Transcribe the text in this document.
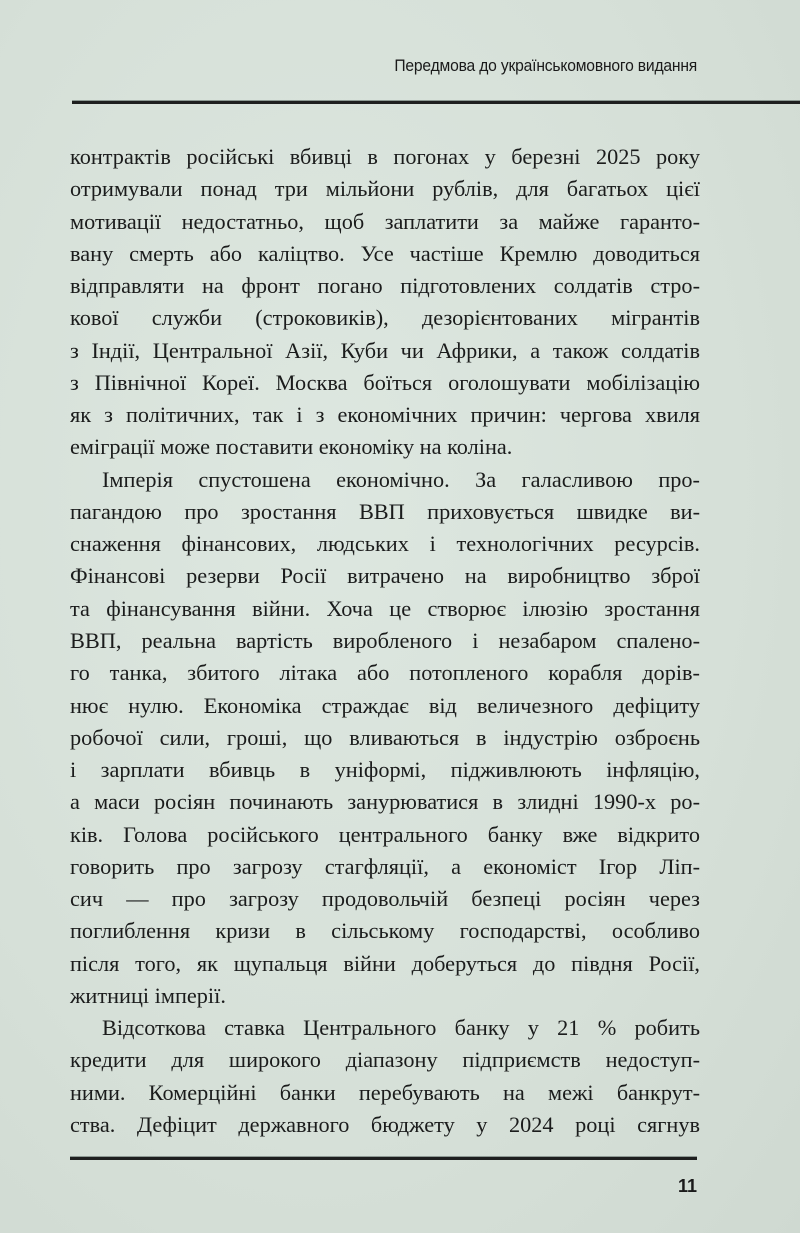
Передмова до українськомовного видання
контрактів російські вбивці в погонах у березні 2025 року
отримували понад три мільйони рублів, для багатьох цієї
мотивації недостатньо, щоб заплатити за майже гаранто-
вану смерть або каліцтво. Усе частіше Кремлю доводиться
відправляти на фронт погано підготовлених солдатів стро-
кової служби (строковиків), дезорієнтованих мігрантів
з Індії, Центральної Азії, Куби чи Африки, а також солдатів
з Північної Кореї. Москва боїться оголошувати мобілізацію
як з політичних, так і з економічних причин: чергова хвиля
еміграції може поставити економіку на коліна.
Імперія спустошена економічно. За галасливою про-
пагандою про зростання ВВП приховується швидке ви-
снаження фінансових, людських і технологічних ресурсів.
Фінансові резерви Росії витрачено на виробництво зброї
та фінансування війни. Хоча це створює ілюзію зростання
ВВП, реальна вартість виробленого і незабаром спалено-
го танка, збитого літака або потопленого корабля дорів-
нює нулю. Економіка страждає від величезного дефіциту
робочої сили, гроші, що вливаються в індустрію озброєнь
і зарплати вбивць в уніформі, підживлюють інфляцію,
а маси росіян починають занурюватися в злидні 1990-х ро-
ків. Голова російського центрального банку вже відкрито
говорить про загрозу стагфляції, а економіст Ігор Ліп-
сич — про загрозу продовольчій безпеці росіян через
поглиблення кризи в сільському господарстві, особливо
після того, як щупальця війни доберуться до півдня Росії,
житниці імперії.
Відсоткова ставка Центрального банку у 21 % робить
кредити для широкого діапазону підприємств недоступ-
ними. Комерційні банки перебувають на межі банкрут-
ства. Дефіцит державного бюджету у 2024 році сягнув
11
